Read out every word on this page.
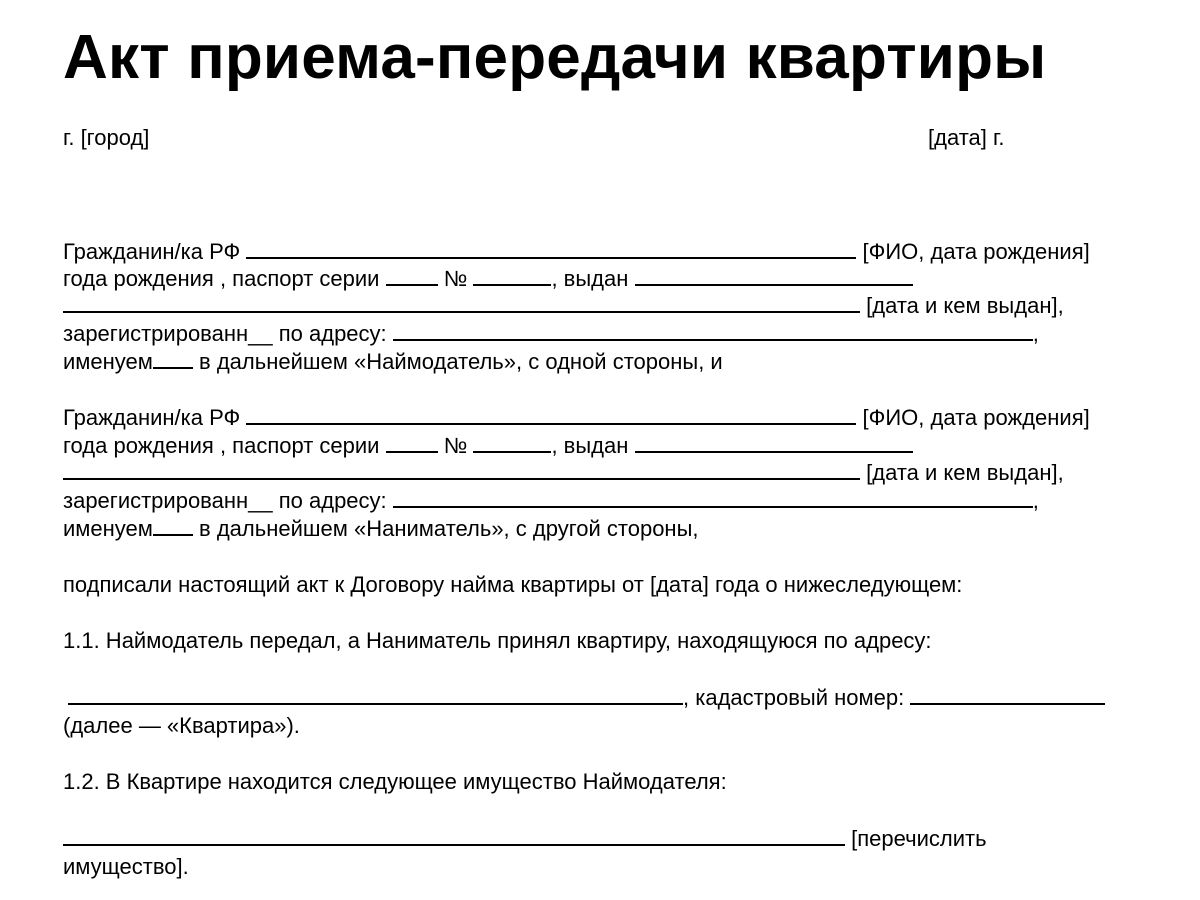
Акт приема-передачи квартиры
г. [город]	[дата] г.
Гражданин/ка РФ	[ФИО, дата рождения]
года рождения , паспорт серии	№	, выдан
[дата и кем выдан],
зарегистрированн__ по адресу:	,
именуем в дальнейшем «Наймодатель», с одной стороны, и
Гражданин/ка РФ	[ФИО, дата рождения]
года рождения , паспорт серии	№	, выдан
[дата и кем выдан],
зарегистрированн__ по адресу:	,
именуем в дальнейшем «Наниматель», с другой стороны,
подписали настоящий акт к Договору найма квартиры от [дата] года о нижеследующем:
1.1. Наймодатель передал, а Наниматель принял квартиру, находящуюся по адресу:
, кадастровый номер:
(далее — «Квартира»).
1.2. В Квартире находится следующее имущество Наймодателя:
[перечислить
имущество].
